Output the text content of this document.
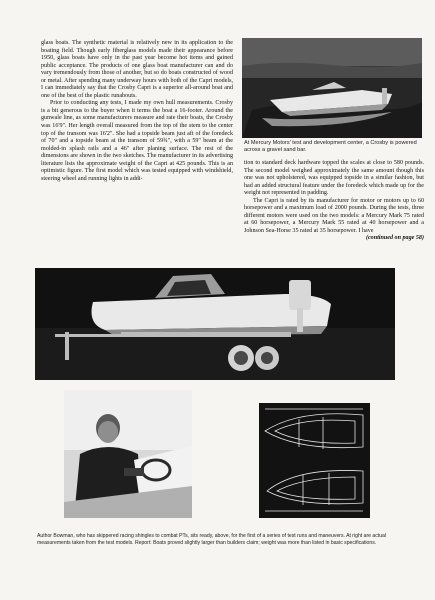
glass boats. The synthetic material is relatively new in its application to the boating field. Though early fiberglass models made their appearance before 1950, glass boats have only in the past year become hot items and gained public acceptance. The products of one glass boat manufacturer can and do vary tremendously from those of another, but so do boats constructed of wood or metal. After spending many underway hours with both of the Capri models, I can immediately say that the Crosby Capri is a superior all-around boat and one of the best of the plastic runabouts.

Prior to conducting any tests, I made my own hull measurements. Crosby is a bit generous to the buyer when it terms the boat a 16-footer. Around the gunwale line, as some manufacturers measure and rate their boats, the Crosby was 16'9". Her length overall measured from the top of the stem to the center top of the transom was 16'2". She had a topside beam just aft of the foredeck of 70" and a topside beam at the transom of 59¾", with a 59" beam at the molded-in splash rails and a 46" after planing surface. The rest of the dimensions are shown in the two sketches. The manufacturer in its advertising literature lists the approximate weight of the Capri at 425 pounds. This is an optimistic figure. The first model which was tested equipped with windshield, steering wheel and running lights in addi-

At Mercury Motors' test and development center, a Crosby is powered across a gravel sand bar.

tion to standard deck hardware topped the scales at close to 580 pounds. The second model weighed approximately the same amount though this one was not upholstered, was equipped topside in a similar fashion, but had an added structural feature under the foredeck which made up for the weight not represented in padding.

The Capri is rated by its manufacturer for motor or motors up to 60 horsepower and a maximum load of 2000 pounds. During the tests, three different motors were used on the two models: a Mercury Mark 75 rated at 60 horsepower, a Mercury Mark 55 rated at 40 horsepower and a Johnson Sea-Horse 35 rated at 35 horsepower. I have

(continued on page 58)

Author Bowman, who has skippered racing shingles to combat PTs, sits ready, above, for the first of a series of test runs and maneuvers. At right are actual measurements taken from the test models. Report: Boats proved slightly larger than builders claim; weight was more than listed in basic specifications.
